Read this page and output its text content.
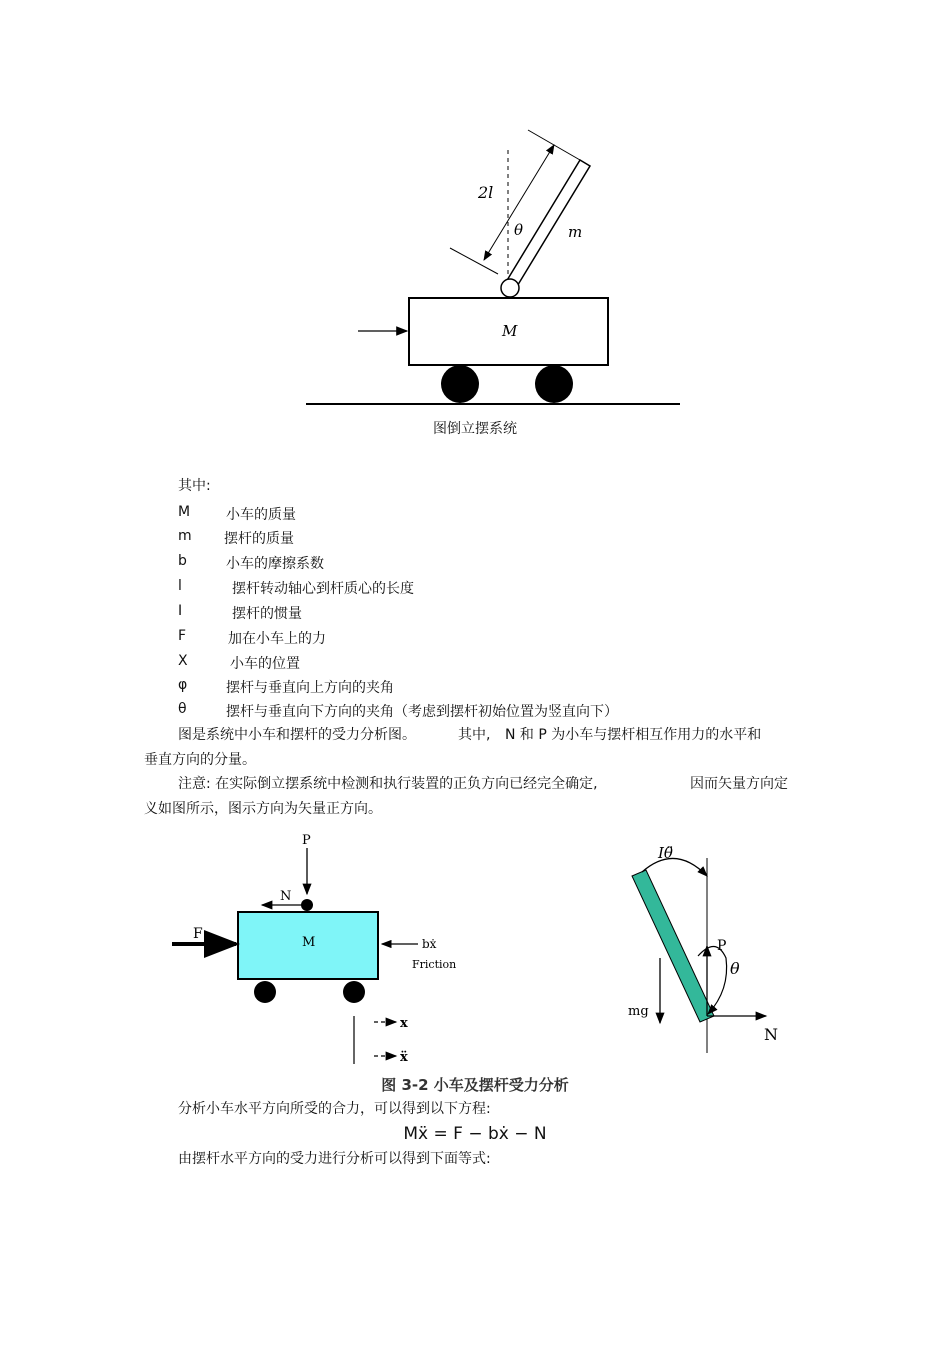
2l
θ	m
M
图倒立摆系统
其中:
M	小车的质量
m 摆杆的质量
b	小车的摩擦系数
l	摆杆转动轴心到杆质心的长度
I	摆杆的惯量
F	加在小车上的力
X	小车的位置
φ	摆杆与垂直向上方向的夹角
θ	摆杆与垂直向下方向的夹角（考虑到摆杆初始位置为竖直向下）
图是系统中小车和摆杆的受力分析图。	其中, N 和 P 为小车与摆杆相互作用力的水平和
垂直方向的分量。
注意: 在实际倒立摆系统中检测和执行装置的正负方向已经完全确定,	因而矢量方向定
义如图所示，图示方向为矢量正方向。
P
N
M
F
bẋ
Friction
x
ẍ
Iθ̈
P
θ
mg
N
图 3-2 小车及摆杆受力分析
分析小车水平方向所受的合力，可以得到以下方程:
Mẍ = F − bẋ − N
由摆杆水平方向的受力进行分析可以得到下面等式:
